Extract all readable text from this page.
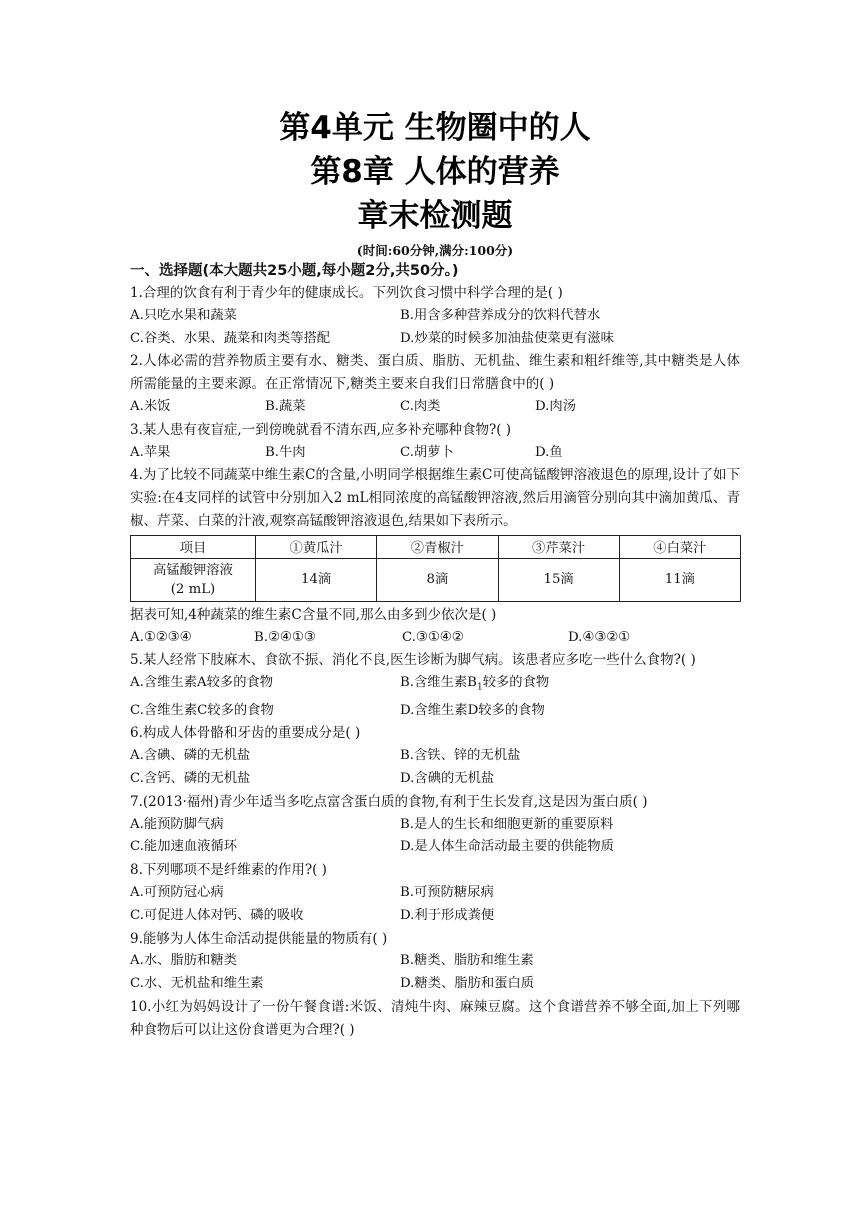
第4单元 生物圈中的人
第8章 人体的营养
章末检测题
(时间:60分钟,满分:100分)
一、选择题(本大题共25小题,每小题2分,共50分。)
1.合理的饮食有利于青少年的健康成长。下列饮食习惯中科学合理的是( )
A.只吃水果和蔬菜	B.用含多种营养成分的饮料代替水
C.谷类、水果、蔬菜和肉类等搭配	D.炒菜的时候多加油盐使菜更有滋味
2.人体必需的营养物质主要有水、糖类、蛋白质、脂肪、无机盐、维生素和粗纤维等,其中糖类是人体所需能量的主要来源。在正常情况下,糖类主要来自我们日常膳食中的( )
A.米饭	B.蔬菜	C.肉类	D.肉汤
3.某人患有夜盲症,一到傍晚就看不清东西,应多补充哪种食物?( )
A.苹果	B.牛肉	C.胡萝卜	D.鱼
4.为了比较不同蔬菜中维生素C的含量,小明同学根据维生素C可使高锰酸钾溶液退色的原理,设计了如下实验:在4支同样的试管中分别加入2 mL相同浓度的高锰酸钾溶液,然后用滴管分别向其中滴加黄瓜、青椒、芹菜、白菜的汁液,观察高锰酸钾溶液退色,结果如下表所示。
项目	①黄瓜汁	②青椒汁	③芹菜汁	④白菜汁

高锰酸钾溶液
(2 mL)	14滴	8滴	15滴	11滴
据表可知,4种蔬菜的维生素C含量不同,那么由多到少依次是( )
A.①②③④	B.②④①③	C.③①④②	D.④③②①
5.某人经常下肢麻木、食欲不振、消化不良,医生诊断为脚气病。该患者应多吃一些什么食物?( )
A.含维生素A较多的食物	B.含维生素$B_1$较多的食物
C.含维生素C较多的食物	D.含维生素D较多的食物
6.构成人体骨骼和牙齿的重要成分是( )
A.含碘、磷的无机盐	B.含铁、锌的无机盐
C.含钙、磷的无机盐	D.含碘的无机盐
7.(2013·福州)青少年适当多吃点富含蛋白质的食物,有利于生长发育,这是因为蛋白质( )
A.能预防脚气病	B.是人的生长和细胞更新的重要原料
C.能加速血液循环	D.是人体生命活动最主要的供能物质
8.下列哪项不是纤维素的作用?( )
A.可预防冠心病	B.可预防糖尿病
C.可促进人体对钙、磷的吸收	D.利于形成粪便
9.能够为人体生命活动提供能量的物质有( )
A.水、脂肪和糖类	B.糖类、脂肪和维生素
C.水、无机盐和维生素	D.糖类、脂肪和蛋白质
10.小红为妈妈设计了一份午餐食谱:米饭、清炖牛肉、麻辣豆腐。这个食谱营养不够全面,加上下列哪种食物后可以让这份食谱更为合理?( )
